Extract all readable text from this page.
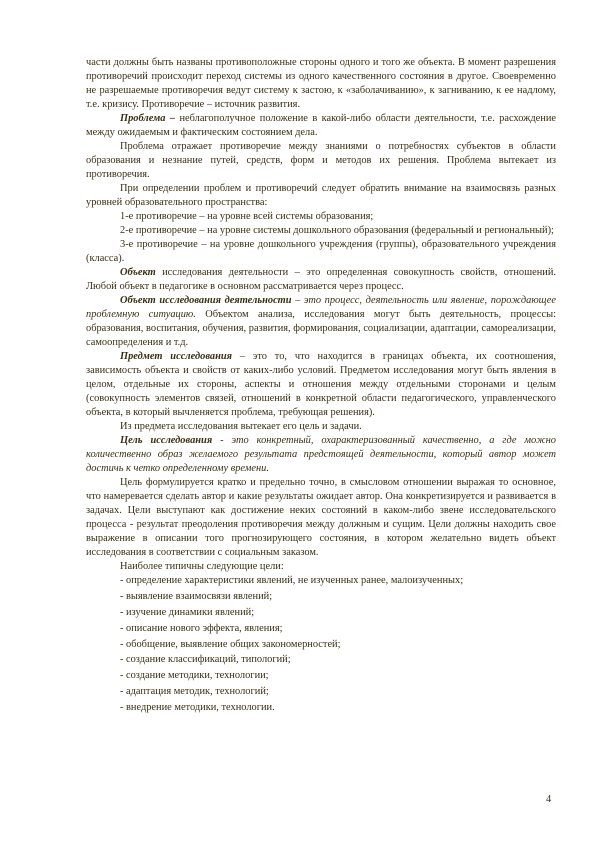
части должны быть названы противоположные стороны одного и того же объекта. В момент разрешения противоречий происходит переход системы из одного качественного состояния в другое. Своевременно не разрешаемые противоречия ведут систему к застою, к «заболачиванию», к загниванию, к ее надлому, т.е. кризису. Противоречие – источник развития.

Проблема – неблагополучное положение в какой-либо области деятельности, т.е. расхождение между ожидаемым и фактическим состоянием дела.

Проблема отражает противоречие между знаниями о потребностях субъектов в области образования и незнание путей, средств, форм и методов их решения. Проблема вытекает из противоречия.

При определении проблем и противоречий следует обратить внимание на взаимосвязь разных уровней образовательного пространства:

1-е противоречие – на уровне всей системы образования;

2-е противоречие – на уровне системы дошкольного образования (федеральный и региональный);

3-е противоречие – на уровне дошкольного учреждения (группы), образовательного учреждения (класса).

Объект исследования деятельности – это определенная совокупность свойств, отношений. Любой объект в педагогике в основном рассматривается через процесс.

Объект исследования деятельности – это процесс, деятельность или явление, порождающее проблемную ситуацию. Объектом анализа, исследования могут быть деятельность, процессы: образования, воспитания, обучения, развития, формирования, социализации, адаптации, самореализации, самоопределения и т.д.

Предмет исследования – это то, что находится в границах объекта, их соотношения, зависимость объекта и свойств от каких-либо условий. Предметом исследования могут быть явления в целом, отдельные их стороны, аспекты и отношения между отдельными сторонами и целым (совокупность элементов связей, отношений в конкретной области педагогического, управленческого объекта, в который вычленяется проблема, требующая решения).

Из предмета исследования вытекает его цель и задачи.

Цель исследования - это конкретный, охарактеризованный качественно, а где можно количественно образ желаемого результата предстоящей деятельности, который автор может достичь к четко определенному времени.

Цель формулируется кратко и предельно точно, в смысловом отношении выражая то основное, что намеревается сделать автор и какие результаты ожидает автор. Она конкретизируется и развивается в задачах. Цели выступают как достижение неких состояний в каком-либо звене исследовательского процесса - результат преодоления противоречия между должным и сущим. Цели должны находить свое выражение в описании того прогнозирующего состояния, в котором желательно видеть объект исследования в соответствии с социальным заказом.

Наиболее типичны следующие цели:

- определение характеристики явлений, не изученных ранее, малоизученных;
- выявление взаимосвязи явлений;
- изучение динамики явлений;
- описание нового эффекта, явления;
- обобщение, выявление общих закономерностей;
- создание классификаций, типологий;
- создание методики, технологии;
- адаптация методик, технологий;
- внедрение методики, технологии.
4
